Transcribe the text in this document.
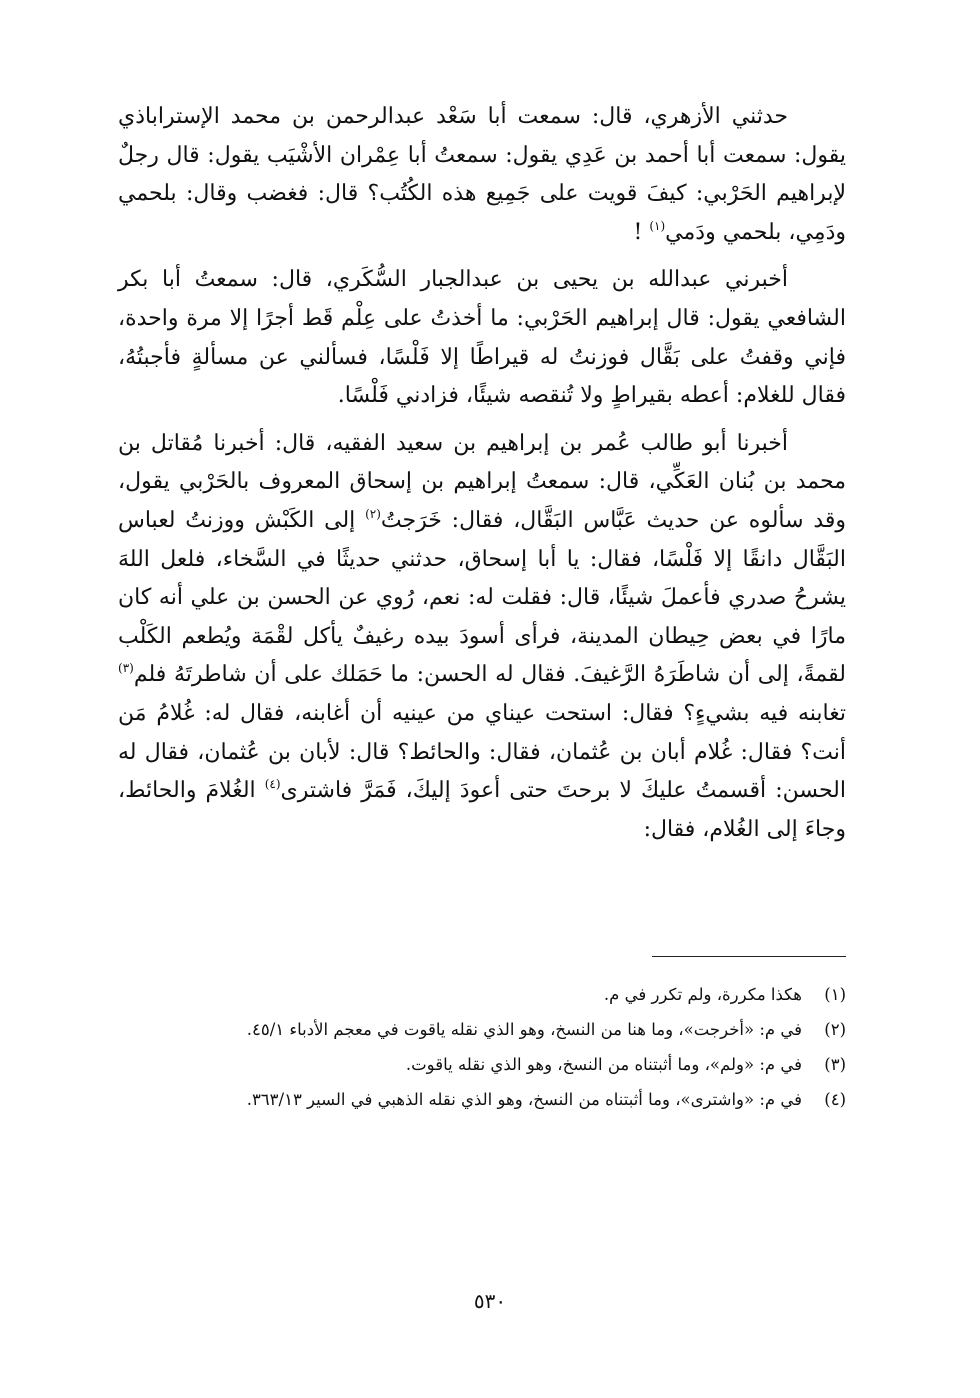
حدثني الأزهري، قال: سمعت أبا سَعْد عبدالرحمن بن محمد الإستراباذي يقول: سمعت أبا أحمد بن عَدِي يقول: سمعتُ أبا عِمْران الأشْيَب يقول: قال رجلٌ لإبراهيم الحَرْبي: كيفَ قويت على جَمِيع هذه الكُتُب؟ قال: فغضب وقال: بلحمي ودَمِي، بلحمي ودَمي$^{(١)}$ !

أخبرني عبدالله بن يحيى بن عبدالجبار السُّكَري، قال: سمعتُ أبا بكر الشافعي يقول: قال إبراهيم الحَرْبي: ما أخذتُ على عِلْم قَط أجرًا إلا مرة واحدة، فإني وقفتُ على بَقَّال فوزنتُ له قيراطًا إلا فَلْسًا، فسألني عن مسألةٍ فأجبتُهُ، فقال للغلام: أعطه بقيراطٍ ولا تُنقصه شيئًا، فزادني فَلْسًا.

أخبرنا أبو طالب عُمر بن إبراهيم بن سعيد الفقيه، قال: أخبرنا مُقاتل بن محمد بن بُنان العَكِّي، قال: سمعتُ إبراهيم بن إسحاق المعروف بالحَرْبي يقول، وقد سألوه عن حديث عَبَّاس البَقَّال، فقال: خَرَجتُ$^{(٢)}$ إلى الكَبْش ووزنتُ لعباس البَقَّال دانقًا إلا فَلْسًا، فقال: يا أبا إسحاق، حدثني حديثًا في السَّخاء، فلعل اللهَ يشرحُ صدري فأعملَ شيئًا، قال: فقلت له: نعم، رُوي عن الحسن بن علي أنه كان مارًا في بعض حِيطان المدينة، فرأى أسودَ بيده رغيفٌ يأكل لقْمَة ويُطعم الكَلْب لقمةً، إلى أن شاطَرَهُ الرَّغيفَ. فقال له الحسن: ما حَمَلك على أن شاطرتَهُ فلم$^{(٣)}$ تغابنه فيه بشيءٍ؟ فقال: استحت عيناي من عينيه أن أغابنه، فقال له: غُلامُ مَن أنت؟ فقال: غُلام أبان بن عُثمان، فقال: والحائط؟ قال: لأبان بن عُثمان، فقال له الحسن: أقسمتُ عليكَ لا برحتَ حتى أعودَ إليكَ، فَمَرَّ فاشترى$^{(٤)}$ الغُلامَ والحائط، وجاءَ إلى الغُلام، فقال:

(١)
هكذا مكررة، ولم تكرر في م.
(٢)
في م: «أخرجت»، وما هنا من النسخ، وهو الذي نقله ياقوت في معجم الأدباء ٤٥/١.
(٣)
في م: «ولم»، وما أثبتناه من النسخ، وهو الذي نقله ياقوت.
(٤)
في م: «واشترى»، وما أثبتناه من النسخ، وهو الذي نقله الذهبي في السير ٣٦٣/١٣.
٥٣٠
